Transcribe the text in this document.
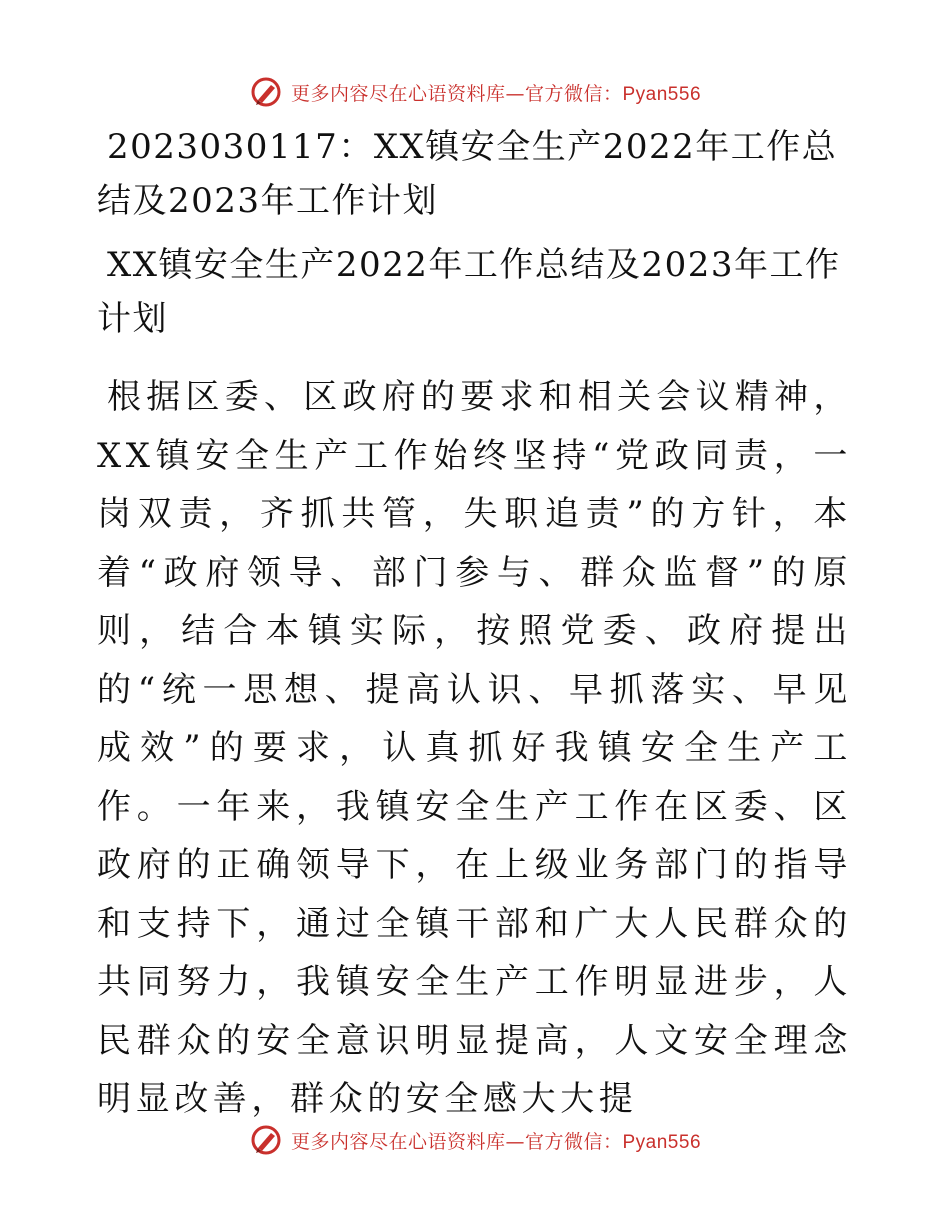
更多内容尽在心语资料库—官方微信：Pyan556
2023030117：XX镇安全生产2022年工作总结及2023年工作计划
XX镇安全生产2022年工作总结及2023年工作计划

根据区委、区政府的要求和相关会议精神，XX镇安全生产工作始终坚持“党政同责，一岗双责，齐抓共管，失职追责”的方针，本着“政府领导、部门参与、群众监督”的原则，结合本镇实际，按照党委、政府提出的“统一思想、提高认识、早抓落实、早见成效”的要求，认真抓好我镇安全生产工作。一年来，我镇安全生产工作在区委、区政府的正确领导下，在上级业务部门的指导和支持下，通过全镇干部和广大人民群众的共同努力，我镇安全生产工作明显进步，人民群众的安全意识明显提高，人文安全理念明显改善，群众的安全感大大提

更多内容尽在心语资料库—官方微信：Pyan556
